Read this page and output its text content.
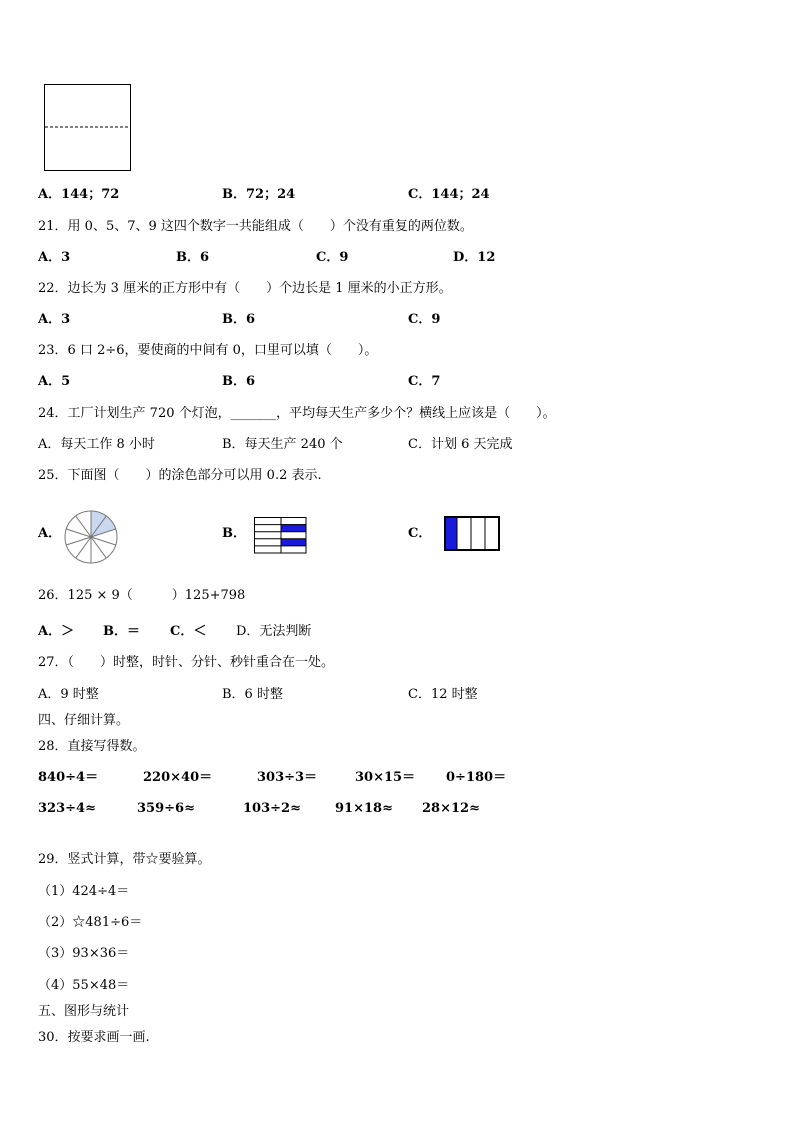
A．144；72	B．72；24	C．144；24
21．用 0、5、7、9 这四个数字一共能组成（　　）个没有重复的两位数。
A．3	B．6	C．9	D．12
22．边长为 3 厘米的正方形中有（　　）个边长是 1 厘米的小正方形。
A．3	B．6	C．9
23．6 口 2÷6，要使商的中间有 0，口里可以填（　　）。
A．5	B．6	C．7
24．工厂计划生产 720 个灯泡，_______，平均每天生产多少个？横线上应该是（　　）。
A．每天工作 8 小时	B．每天生产 240 个	C．计划 6 天完成
25．下面图（　　）的涂色部分可以用 0.2 表示.
A．	B．	C．
26．125 × 9（　　　）125+798
A．＞ B．＝ C．＜ D．无法判断
27．（　　）时整，时针、分针、秒针重合在一处。
A．9 时整	B．6 时整	C．12 时整
四、仔细计算。
28．直接写得数。
840÷4＝	220×40＝	303÷3＝	30×15＝ 0÷180＝
323÷4≈	359÷6≈	103÷2≈	91×18≈ 28×12≈
29．竖式计算，带☆要验算。
（1）424÷4＝
（2）☆481÷6＝
（3）93×36＝
（4）55×48＝
五、图形与统计
30．按要求画一画.
